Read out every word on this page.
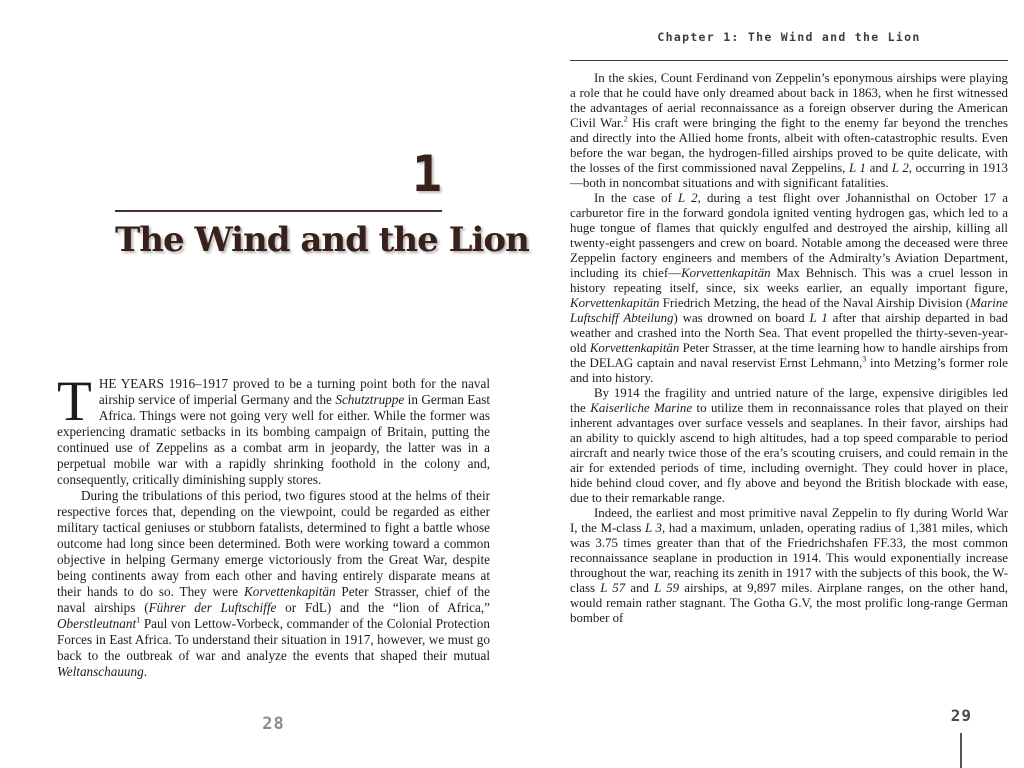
1
The Wind and the Lion

THE YEARS 1916–1917 proved to be a turning point both for the naval airship service of imperial Germany and the Schutztruppe in German East Africa. Things were not going very well for either. While the former was experiencing dramatic setbacks in its bombing campaign of Britain, putting the continued use of Zeppelins as a combat arm in jeopardy, the latter was in a perpetual mobile war with a rapidly shrinking foothold in the colony and, consequently, critically diminishing supply stores.

During the tribulations of this period, two figures stood at the helms of their respective forces that, depending on the viewpoint, could be regarded as either military tactical geniuses or stubborn fatalists, determined to fight a battle whose outcome had long since been determined. Both were working toward a common objective in helping Germany emerge victoriously from the Great War, despite being continents away from each other and having entirely disparate means at their hands to do so. They were Korvettenkapitän Peter Strasser, chief of the naval airships (Führer der Luftschiffe or FdL) and the “lion of Africa,” Oberstleutnant$^1$ Paul von Lettow-Vorbeck, commander of the Colonial Protection Forces in East Africa. To understand their situation in 1917, however, we must go back to the outbreak of war and analyze the events that shaped their mutual Weltanschauung.

28
Chapter 1: The Wind and the Lion

In the skies, Count Ferdinand von Zeppelin’s eponymous airships were playing a role that he could have only dreamed about back in 1863, when he first witnessed the advantages of aerial reconnaissance as a foreign observer during the American Civil War.$^2$ His craft were bringing the fight to the enemy far beyond the trenches and directly into the Allied home fronts, albeit with often-catastrophic results. Even before the war began, the hydrogen-filled airships proved to be quite delicate, with the losses of the first commissioned naval Zeppelins, L 1 and L 2, occurring in 1913—both in noncombat situations and with significant fatalities.

In the case of L 2, during a test flight over Johannisthal on October 17 a carburetor fire in the forward gondola ignited venting hydrogen gas, which led to a huge tongue of flames that quickly engulfed and destroyed the airship, killing all twenty-eight passengers and crew on board. Notable among the deceased were three Zeppelin factory engineers and members of the Admiralty’s Aviation Department, including its chief—Korvettenkapitän Max Behnisch. This was a cruel lesson in history repeating itself, since, six weeks earlier, an equally important figure, Korvettenkapitän Friedrich Metzing, the head of the Naval Airship Division (Marine Luftschiff Abteilung) was drowned on board L 1 after that airship departed in bad weather and crashed into the North Sea. That event propelled the thirty-seven-year-old Korvettenkapitän Peter Strasser, at the time learning how to handle airships from the DELAG captain and naval reservist Ernst Lehmann,$^3$ into Metzing’s former role and into history.

By 1914 the fragility and untried nature of the large, expensive dirigibles led the Kaiserliche Marine to utilize them in reconnaissance roles that played on their inherent advantages over surface vessels and seaplanes. In their favor, airships had an ability to quickly ascend to high altitudes, had a top speed comparable to period aircraft and nearly twice those of the era’s scouting cruisers, and could remain in the air for extended periods of time, including overnight. They could hover in place, hide behind cloud cover, and fly above and beyond the British blockade with ease, due to their remarkable range.

Indeed, the earliest and most primitive naval Zeppelin to fly during World War I, the M-class L 3, had a maximum, unladen, operating radius of 1,381 miles, which was 3.75 times greater than that of the Friedrichshafen FF.33, the most common reconnaissance seaplane in production in 1914. This would exponentially increase throughout the war, reaching its zenith in 1917 with the subjects of this book, the W-class L 57 and L 59 airships, at 9,897 miles. Airplane ranges, on the other hand, would remain rather stagnant. The Gotha G.V, the most prolific long-range German bomber of

29
